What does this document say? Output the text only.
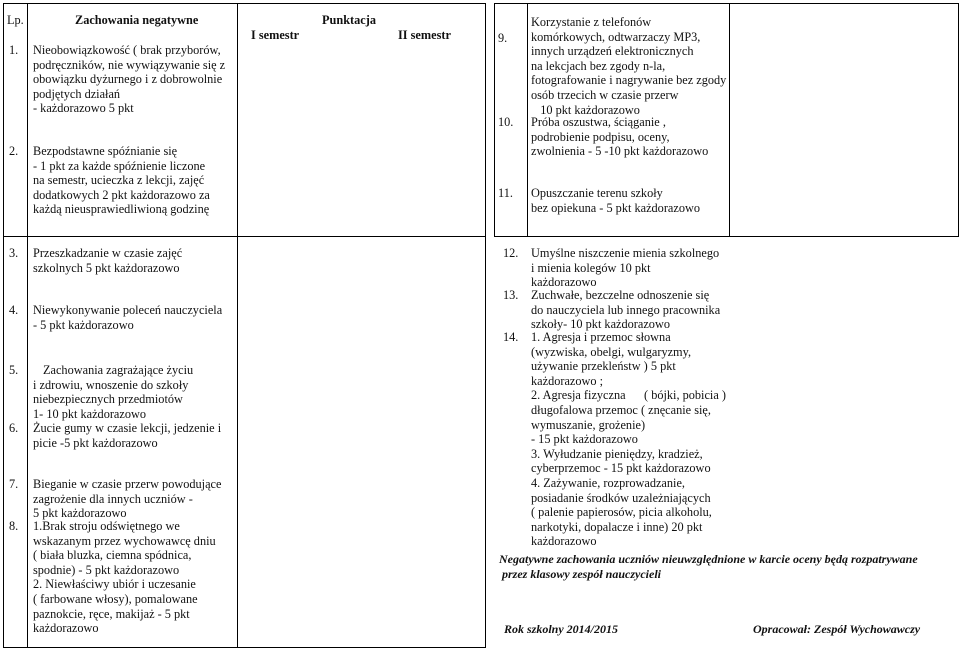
Lp.	Zachowania negatywne	Punktacja
I semestr	II semestr
1. Nieobowiązkowość ( brak przyborów,
podręczników, nie wywiązywanie się z
obowiązku dyżurnego i z dobrowolnie
podjętych działań
- każdorazowo 5 pkt
2. Bezpodstawne spóźnianie się
- 1 pkt za każde spóźnienie liczone
na semestr, ucieczka z lekcji, zajęć
dodatkowych 2 pkt każdorazowo za
każdą nieusprawiedliwioną godzinę
3. Przeszkadzanie w czasie zajęć
szkolnych 5 pkt każdorazowo
4. Niewykonywanie poleceń nauczyciela
- 5 pkt każdorazowo
5.	Zachowania zagrażające życiu
i zdrowiu, wnoszenie do szkoły
niebezpiecznych przedmiotów
1- 10 pkt każdorazowo
6. Żucie gumy w czasie lekcji, jedzenie i
picie -5 pkt każdorazowo
7. Bieganie w czasie przerw powodujące
zagrożenie dla innych uczniów -
5 pkt każdorazowo
8. 1.Brak stroju odświętnego we
wskazanym przez wychowawcę dniu
( biała bluzka, ciemna spódnica,
spodnie) - 5 pkt każdorazowo
2. Niewłaściwy ubiór i uczesanie
( farbowane włosy), pomalowane
paznokcie, ręce, makijaż - 5 pkt
każdorazowo
9.
Korzystanie z telefonów
komórkowych, odtwarzaczy MP3,
innych urządzeń elektronicznych
na lekcjach bez zgody n-la,
fotografowanie i nagrywanie bez zgody
osób trzecich w czasie przerw
10 pkt każdorazowo
10. Próba oszustwa, ściąganie ,
podrobienie podpisu, oceny,
zwolnienia - 5 -10 pkt każdorazowo
11. Opuszczanie terenu szkoły
bez opiekuna - 5 pkt każdorazowo
12. Umyślne niszczenie mienia szkolnego
i mienia kolegów 10 pkt
każdorazowo
13. Zuchwałe, bezczelne odnoszenie się
do nauczyciela lub innego pracownika
szkoły- 10 pkt każdorazowo
14. 1. Agresja i przemoc słowna
(wyzwiska, obelgi, wulgaryzmy,
używanie przekleństw ) 5 pkt
każdorazowo ;
2. Agresja fizyczna      ( bójki, pobicia )
długofalowa przemoc ( znęcanie się,
wymuszanie, grożenie)
- 15 pkt każdorazowo
3. Wyłudzanie pieniędzy, kradzież,
cyberprzemoc - 15 pkt każdorazowo
4. Zażywanie, rozprowadzanie,
posiadanie środków uzależniających
( palenie papierosów, picia alkoholu,
narkotyki, dopalacze i inne) 20 pkt
każdorazowo
Negatywne zachowania uczniów nieuwzględnione w karcie oceny będą rozpatrywane
przez klasowy zespół nauczycieli
Rok szkolny 2014/2015	Opracował: Zespół Wychowawczy
